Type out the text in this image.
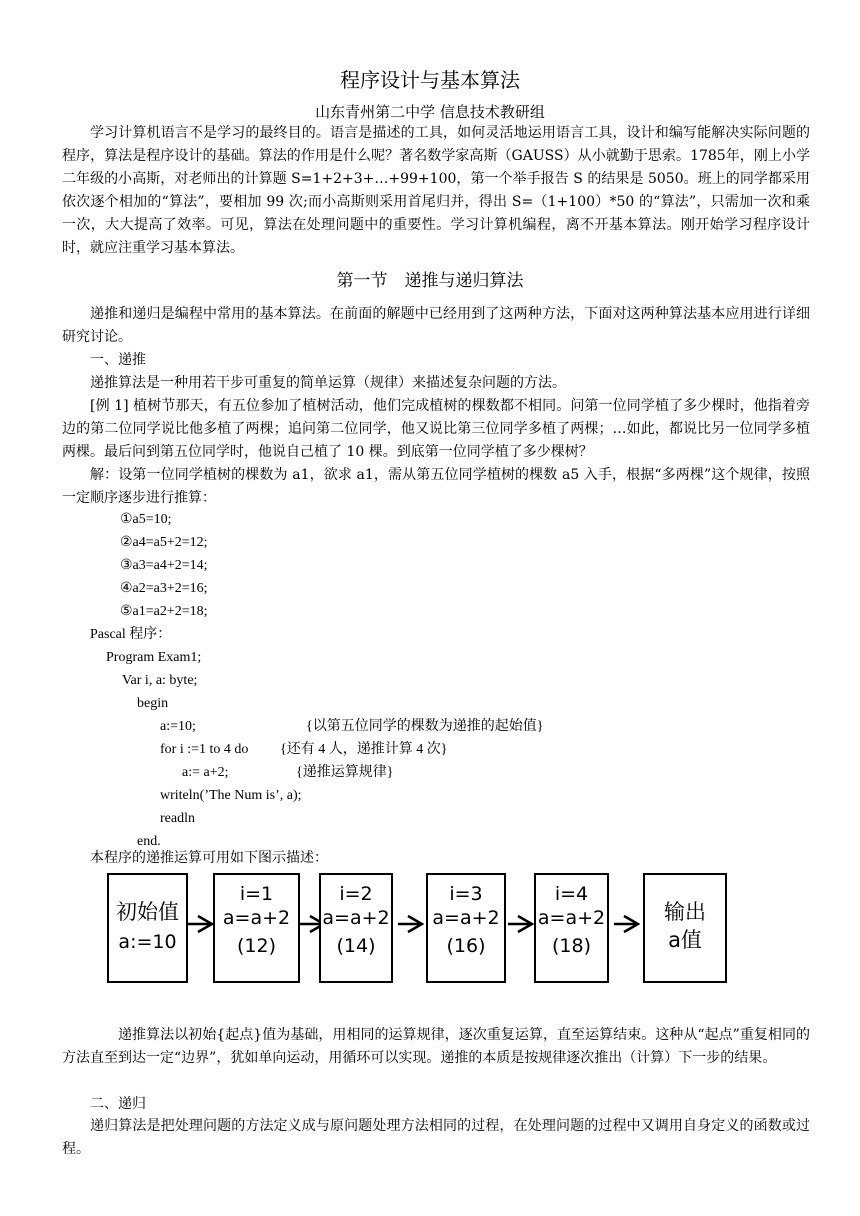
程序设计与基本算法
山东青州第二中学 信息技术教研组
学习计算机语言不是学习的最终目的。语言是描述的工具，如何灵活地运用语言工具，设计和编写能解决实际问题的程序，算法是程序设计的基础。算法的作用是什么呢？著名数学家高斯（GAUSS）从小就勤于思索。1785年，刚上小学二年级的小高斯，对老师出的计算题 S=1+2+3+…+99+100，第一个举手报告 S 的结果是 5050。班上的同学都采用依次逐个相加的“算法”，要相加 99 次;而小高斯则采用首尾归并，得出 S=（1+100）*50 的“算法”，只需加一次和乘一次，大大提高了效率。可见，算法在处理问题中的重要性。学习计算机编程，离不开基本算法。刚开始学习程序设计时，就应注重学习基本算法。
第一节　递推与递归算法
递推和递归是编程中常用的基本算法。在前面的解题中已经用到了这两种方法，下面对这两种算法基本应用进行详细研究讨论。
一、递推
递推算法是一种用若干步可重复的简单运算（规律）来描述复杂问题的方法。
[例 1] 植树节那天，有五位参加了植树活动，他们完成植树的棵数都不相同。问第一位同学植了多少棵时，他指着旁边的第二位同学说比他多植了两棵；追问第二位同学，他又说比第三位同学多植了两棵；…如此，都说比另一位同学多植两棵。最后问到第五位同学时，他说自己植了 10 棵。到底第一位同学植了多少棵树？
解：设第一位同学植树的棵数为 a1，欲求 a1，需从第五位同学植树的棵数 a5 入手，根据“多两棵”这个规律，按照一定顺序逐步进行推算：
①a5=10;
②a4=a5+2=12;
③a3=a4+2=14;
④a2=a3+2=16;
⑤a1=a2+2=18;
Pascal 程序：
Program Exam1;
Var i, a: byte;
begin
a:=10;	{以第五位同学的棵数为递推的起始值}
for i :=1 to 4 do {还有 4 人，递推计算 4 次}
a:= a+2;	{递推运算规律}
writeln(’The Num is’, a);
readln
end.
本程序的递推运算可用如下图示描述：
初始值
a:=10
i=1
a=a+2
(12)
i=2
a=a+2
(14)
i=3
a=a+2
(16)
i=4
a=a+2
(18)
输出
a值
递推算法以初始{起点}值为基础，用相同的运算规律，逐次重复运算，直至运算结束。这种从“起点”重复相同的方法直至到达一定“边界”，犹如单向运动，用循环可以实现。递推的本质是按规律逐次推出（计算）下一步的结果。
二、递归
递归算法是把处理问题的方法定义成与原问题处理方法相同的过程，在处理问题的过程中又调用自身定义的函数或过程。
